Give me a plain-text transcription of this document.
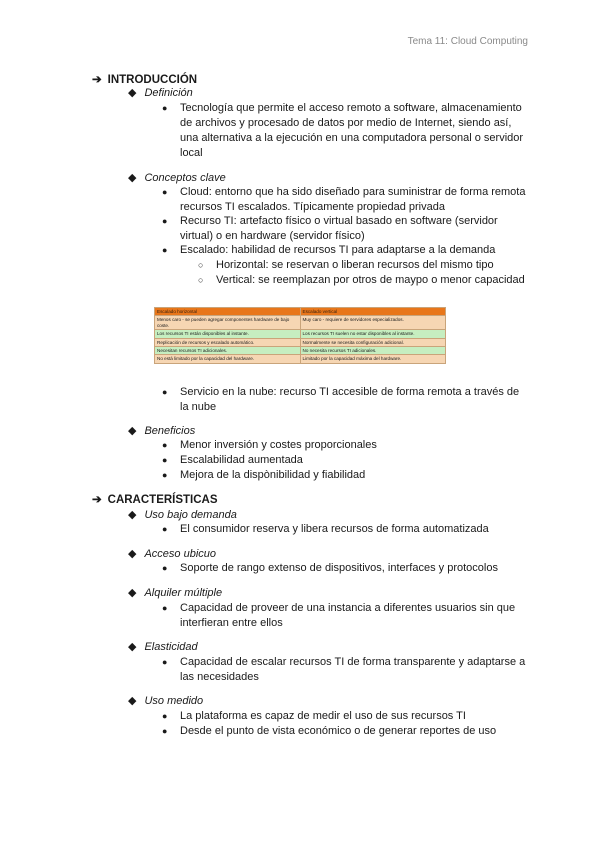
Tema 11: Cloud Computing
➔ INTRODUCCIÓN
◆ Definición
● Tecnología que permite el acceso remoto a software, almacenamiento de archivos y procesado de datos por medio de Internet, siendo así, una alternativa a la ejecución en una computadora personal o servidor local
◆ Conceptos clave
● Cloud: entorno que ha sido diseñado para suministrar de forma remota recursos TI escalados. Típicamente propiedad privada
● Recurso TI: artefacto físico o virtual basado en software (servidor virtual) o en hardware (servidor físico)
● Escalado: habilidad de recursos TI para adaptarse a la demanda
○ Horizontal: se reservan o liberan recursos del mismo tipo
○ Vertical: se reemplazan por otros de maypo o menor capacidad
Escalado horizontal	Escalado vertical
Menos caro - se pueden agregar componentes hardware de bajo coste.	Muy caro - requiere de servidores especializados.
Los recursos TI están disponibles al instante.	Los recursos TI suelen no estar disponibles al instante.
Replicación de recursos y escalado automático.	Normalmente se necesita configuración adicional.
Necesitan recursos TI adicionales.	No necesita recursos TI adicionales.
No está limitado por la capacidad del hardware.	Limitado por la capacidad máxima del hardware.
● Servicio en la nube: recurso TI accesible de forma remota a través de la nube
◆ Beneficios
● Menor inversión y costes proporcionales
● Escalabilidad aumentada
● Mejora de la dispònibilidad y fiabilidad
➔ CARACTERÍSTICAS
◆ Uso bajo demanda
● El consumidor reserva y libera recursos de forma automatizada
◆ Acceso ubicuo
● Soporte de rango extenso de dispositivos, interfaces y protocolos
◆ Alquiler múltiple
● Capacidad de proveer de una instancia a diferentes usuarios sin que interfieran entre ellos
◆ Elasticidad
● Capacidad de escalar recursos TI de forma transparente y adaptarse a las necesidades
◆ Uso medido
● La plataforma es capaz de medir el uso de sus recursos TI
● Desde el punto de vista económico o de generar reportes de uso
